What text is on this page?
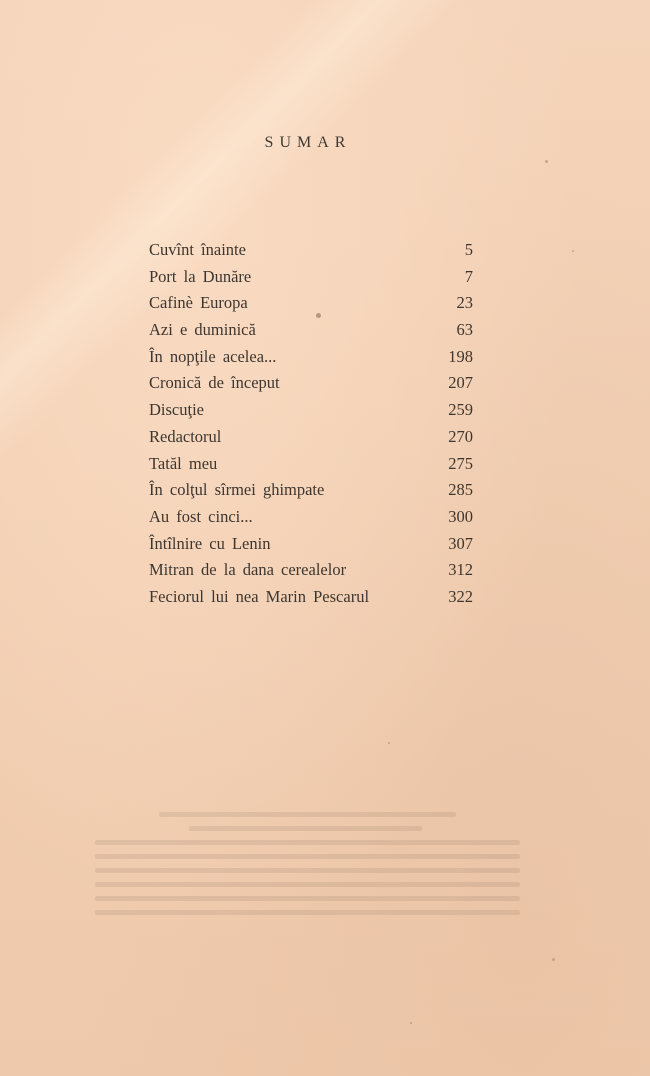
SUMAR
Cuvînt înainte	5
Port la Dunăre	7
Cafinè Europa	23
Azi e duminică	63
În nopţile acelea...	198
Cronică de început	207
Discuţie	259
Redactorul	270
Tatăl meu	275
În colţul sîrmei ghimpate	285
Au fost cinci...	300
Întîlnire cu Lenin	307
Mitran de la dana cerealelor	312
Feciorul lui nea Marin Pescarul	322
